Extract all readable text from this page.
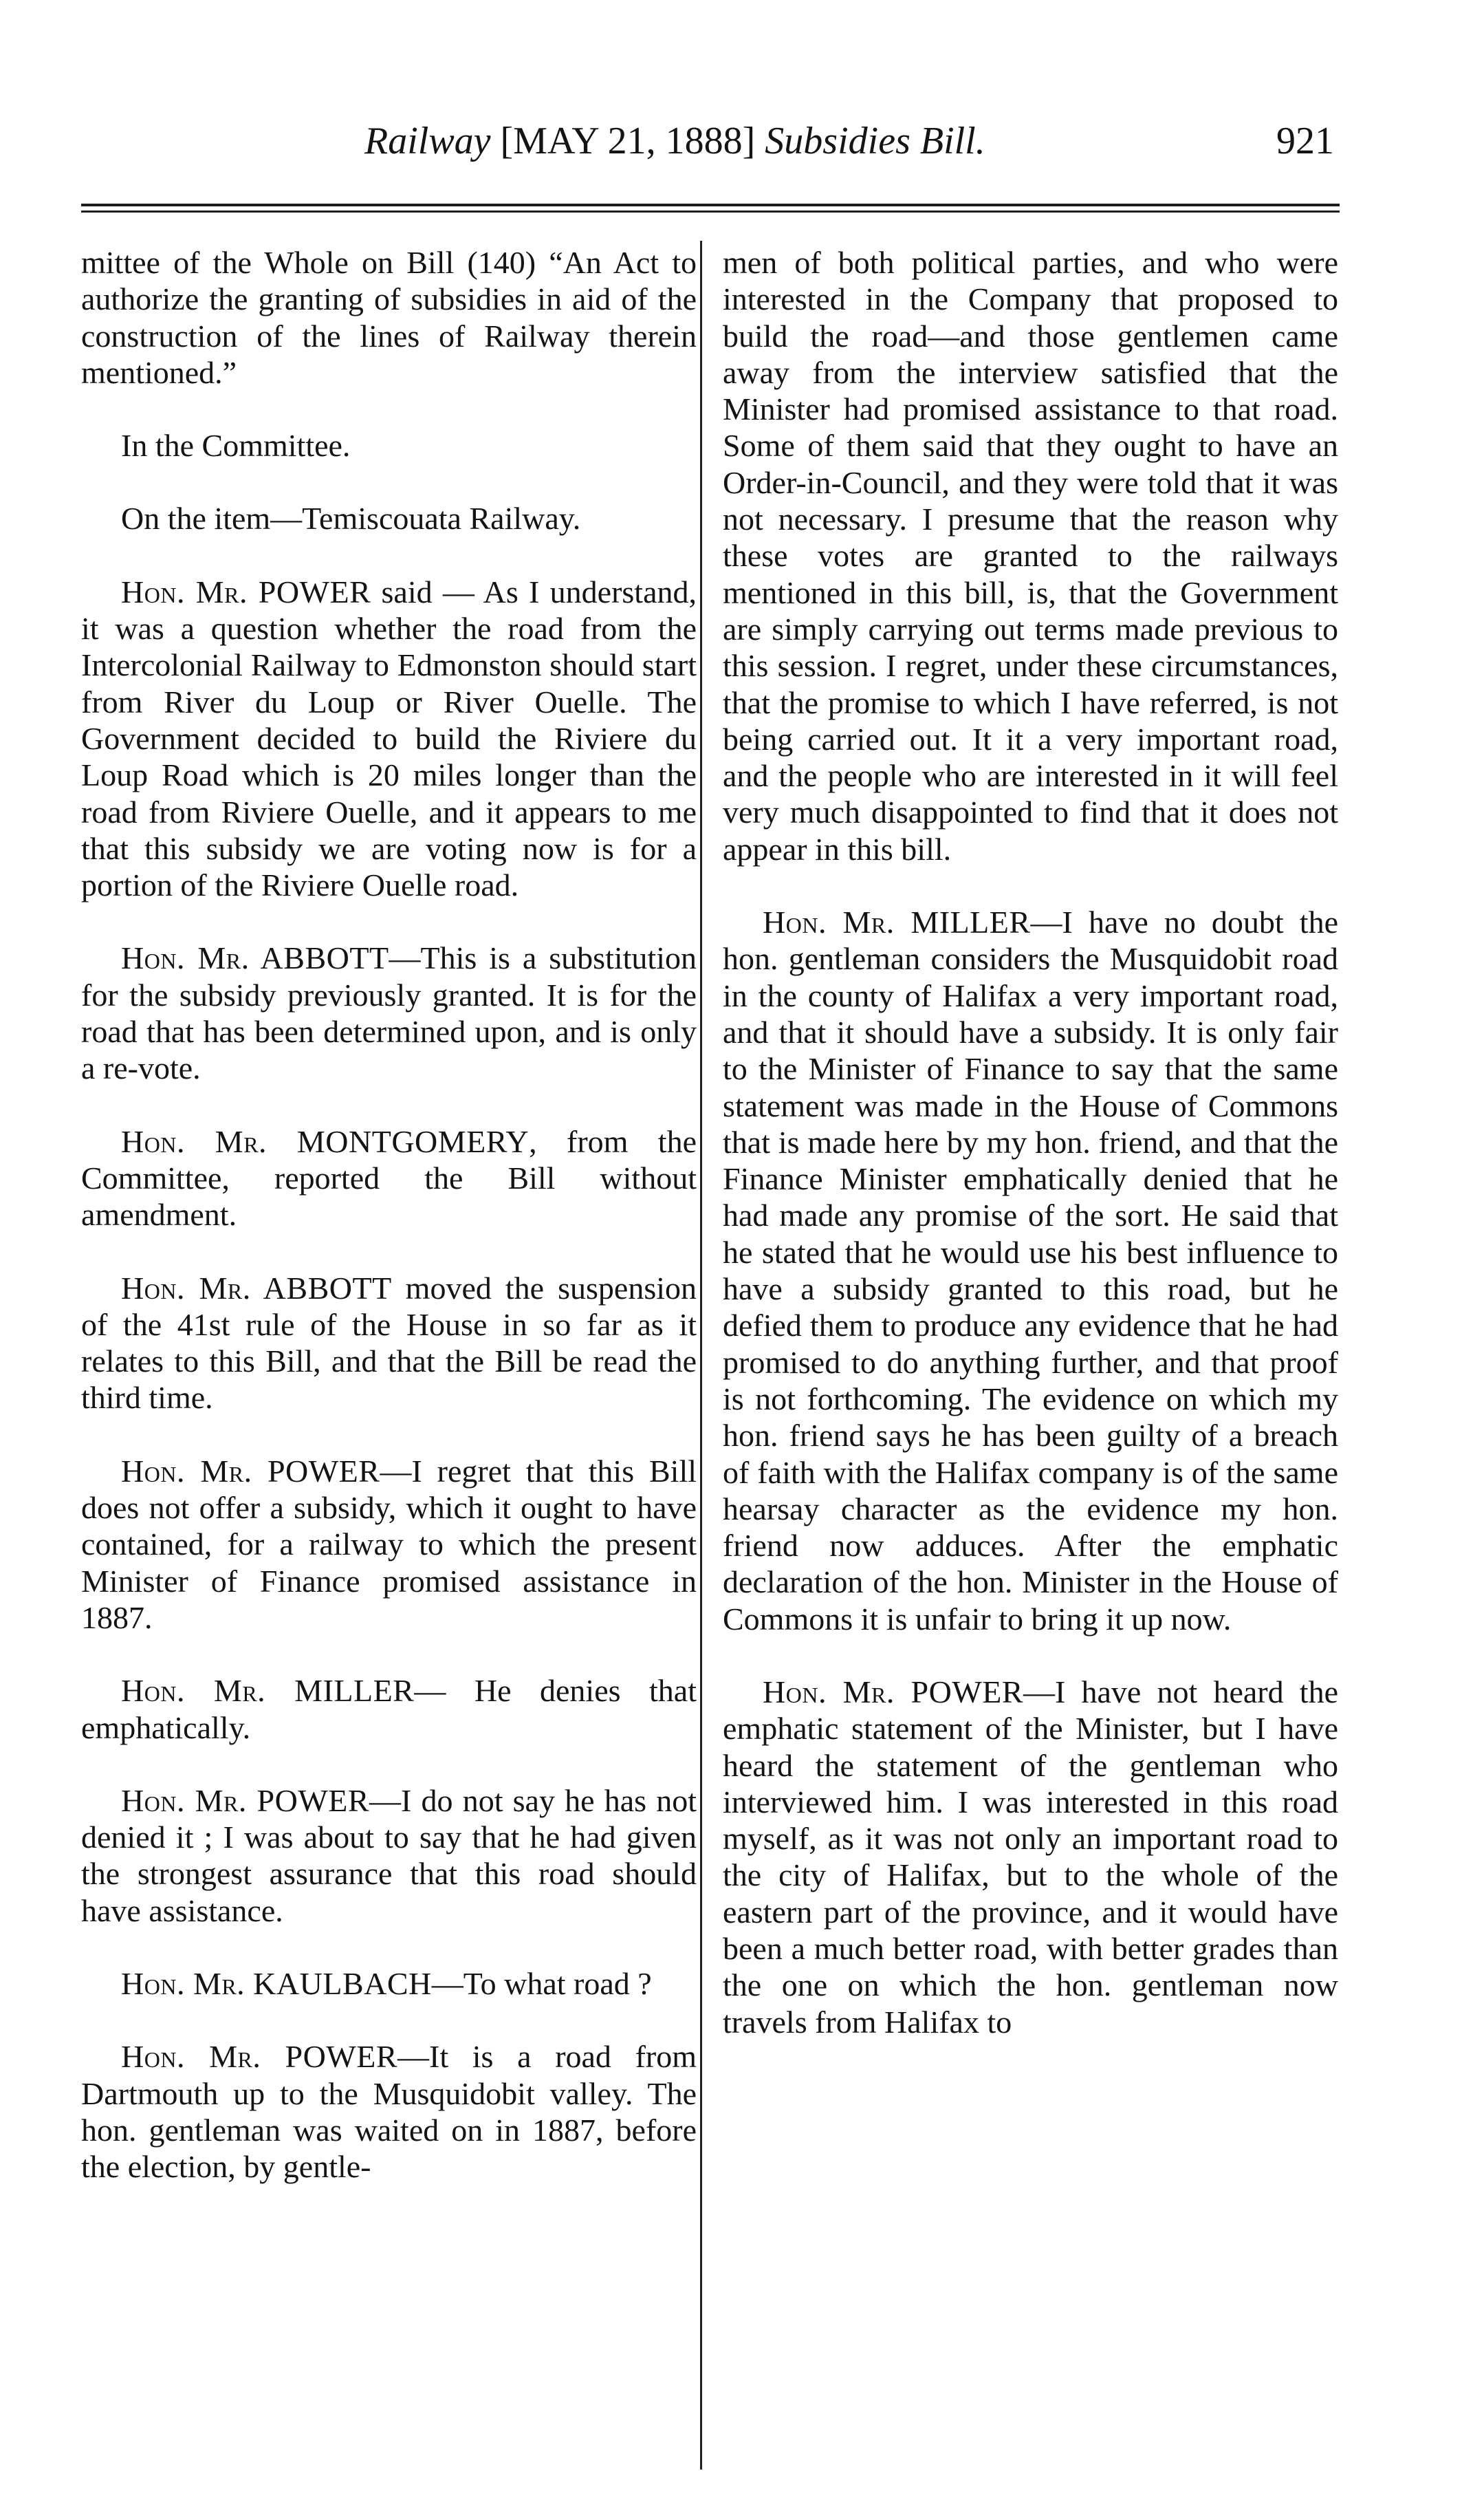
Railway [MAY 21, 1888] Subsidies Bill.	921

mittee of the Whole on Bill (140) “An Act to authorize the granting of subsidies in aid of the construction of the lines of Railway therein mentioned.”

In the Committee.

On the item—Temiscouata Railway.

Hon. Mr. POWER said — As I understand, it was a question whether the road from the Intercolonial Railway to Edmonston should start from River du Loup or River Ouelle. The Government decided to build the Riviere du Loup Road which is 20 miles longer than the road from Riviere Ouelle, and it appears to me that this subsidy we are voting now is for a portion of the Riviere Ouelle road.

Hon. Mr. ABBOTT—This is a substitution for the subsidy previously granted. It is for the road that has been determined upon, and is only a re-vote.

Hon. Mr. MONTGOMERY, from the Committee, reported the Bill without amendment.

Hon. Mr. ABBOTT moved the suspension of the 41st rule of the House in so far as it relates to this Bill, and that the Bill be read the third time.

Hon. Mr. POWER—I regret that this Bill does not offer a subsidy, which it ought to have contained, for a railway to which the present Minister of Finance promised assistance in 1887.

Hon. Mr. MILLER— He denies that emphatically.

Hon. Mr. POWER—I do not say he has not denied it ; I was about to say that he had given the strongest assurance that this road should have assistance.

Hon. Mr. KAULBACH—To what road ?

Hon. Mr. POWER—It is a road from Dartmouth up to the Musquidobit valley. The hon. gentleman was waited on in 1887, before the election, by gentle-

men of both political parties, and who were interested in the Company that proposed to build the road—and those gentlemen came away from the interview satisfied that the Minister had promised assistance to that road. Some of them said that they ought to have an Order-in-Council, and they were told that it was not necessary. I presume that the reason why these votes are granted to the railways mentioned in this bill, is, that the Government are simply carrying out terms made previous to this session. I regret, under these circumstances, that the promise to which I have referred, is not being carried out. It it a very important road, and the people who are interested in it will feel very much disappointed to find that it does not appear in this bill.

Hon. Mr. MILLER—I have no doubt the hon. gentleman considers the Musquidobit road in the county of Halifax a very important road, and that it should have a subsidy. It is only fair to the Minister of Finance to say that the same statement was made in the House of Commons that is made here by my hon. friend, and that the Finance Minister emphatically denied that he had made any promise of the sort. He said that he stated that he would use his best influence to have a subsidy granted to this road, but he defied them to produce any evidence that he had promised to do anything further, and that proof is not forthcoming. The evidence on which my hon. friend says he has been guilty of a breach of faith with the Halifax company is of the same hearsay character as the evidence my hon. friend now adduces. After the emphatic declaration of the hon. Minister in the House of Commons it is unfair to bring it up now.

Hon. Mr. POWER—I have not heard the emphatic statement of the Minister, but I have heard the statement of the gentleman who interviewed him. I was interested in this road myself, as it was not only an important road to the city of Halifax, but to the whole of the eastern part of the province, and it would have been a much better road, with better grades than the one on which the hon. gentleman now travels from Halifax to
